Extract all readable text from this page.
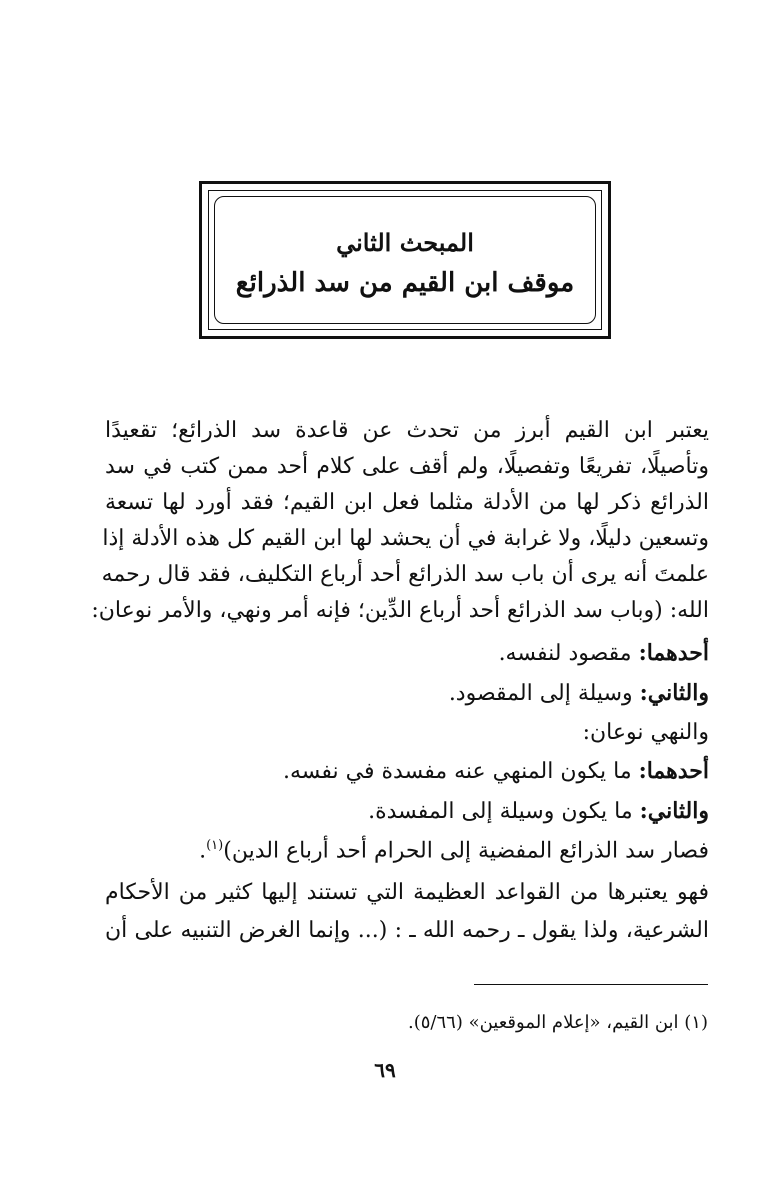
المبحث الثاني
موقف ابن القيم من سد الذرائع
يعتبر ابن القيم أبرز من تحدث عن قاعدة سد الذرائع؛ تقعيدًا
وتأصيلًا، تفريعًا وتفصيلًا، ولم أقف على كلام أحد ممن كتب في سد
الذرائع ذكر لها من الأدلة مثلما فعل ابن القيم؛ فقد أورد لها تسعة
وتسعين دليلًا، ولا غرابة في أن يحشد لها ابن القيم كل هذه الأدلة إذا
علمتَ أنه يرى أن باب سد الذرائع أحد أرباع التكليف، فقد قال رحمه
الله: (وباب سد الذرائع أحد أرباع الدِّين؛ فإنه أمر ونهي، والأمر نوعان:
أحدهما: مقصود لنفسه.
والثاني: وسيلة إلى المقصود.
والنهي نوعان:
أحدهما: ما يكون المنهي عنه مفسدة في نفسه.
والثاني: ما يكون وسيلة إلى المفسدة.
فصار سد الذرائع المفضية إلى الحرام أحد أرباع الدين)$^{(١)}$.
فهو يعتبرها من القواعد العظيمة التي تستند إليها كثير من الأحكام
الشرعية، ولذا يقول ـ رحمه الله ـ : (... وإنما الغرض التنبيه على أن
(١) ابن القيم، «إعلام الموقعين» (٥/٦٦).
٦٩
